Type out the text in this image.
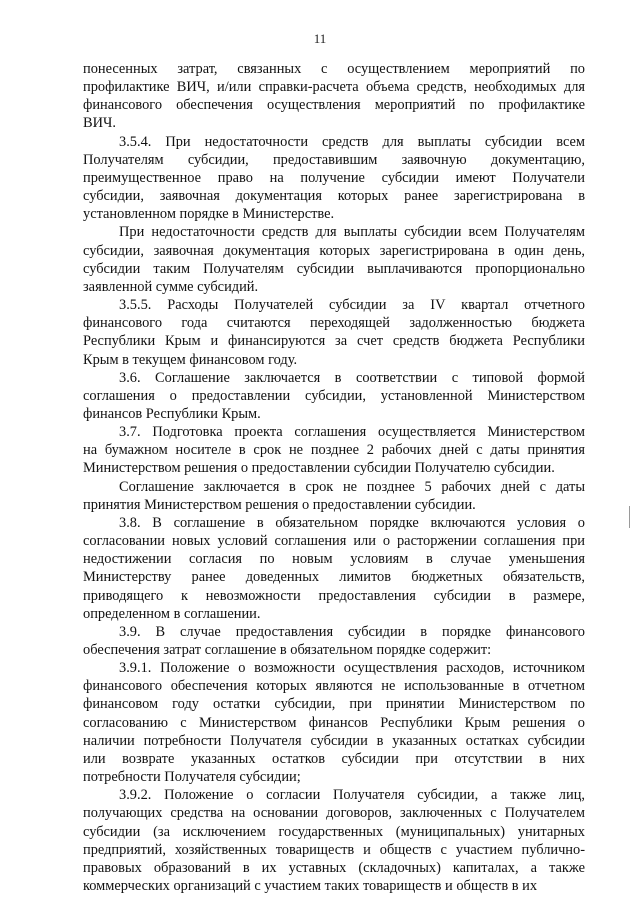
11
понесенных затрат, связанных с осуществлением мероприятий по
профилактике ВИЧ, и/или справки-расчета объема средств, необходимых для
финансового обеспечения осуществления мероприятий по профилактике
ВИЧ.
3.5.4. При недостаточности средств для выплаты субсидии всем
Получателям субсидии, предоставившим заявочную документацию,
преимущественное право на получение субсидии имеют Получатели
субсидии, заявочная документация которых ранее зарегистрирована в
установленном порядке в Министерстве.
При недостаточности средств для выплаты субсидии всем Получателям
субсидии, заявочная документация которых зарегистрирована в один день,
субсидии таким Получателям субсидии выплачиваются пропорционально
заявленной сумме субсидий.
3.5.5. Расходы Получателей субсидии за IV квартал отчетного
финансового года считаются переходящей задолженностью бюджета
Республики Крым и финансируются за счет средств бюджета Республики
Крым в текущем финансовом году.
3.6. Соглашение заключается в соответствии с типовой формой
соглашения о предоставлении субсидии, установленной Министерством
финансов Республики Крым.
3.7. Подготовка проекта соглашения осуществляется Министерством
на бумажном носителе в срок не позднее 2 рабочих дней с даты принятия
Министерством решения о предоставлении субсидии Получателю субсидии.
Соглашение заключается в срок не позднее 5 рабочих дней с даты
принятия Министерством решения о предоставлении субсидии.
3.8. В соглашение в обязательном порядке включаются условия о
согласовании новых условий соглашения или о расторжении соглашения при
недостижении согласия по новым условиям в случае уменьшения
Министерству ранее доведенных лимитов бюджетных обязательств,
приводящего к невозможности предоставления субсидии в размере,
определенном в соглашении.
3.9. В случае предоставления субсидии в порядке финансового
обеспечения затрат соглашение в обязательном порядке содержит:
3.9.1. Положение о возможности осуществления расходов, источником
финансового обеспечения которых являются не использованные в отчетном
финансовом году остатки субсидии, при принятии Министерством по
согласованию с Министерством финансов Республики Крым решения о
наличии потребности Получателя субсидии в указанных остатках субсидии
или возврате указанных остатков субсидии при отсутствии в них
потребности Получателя субсидии;
3.9.2. Положение о согласии Получателя субсидии, а также лиц,
получающих средства на основании договоров, заключенных с Получателем
субсидии (за исключением государственных (муниципальных) унитарных
предприятий, хозяйственных товариществ и обществ с участием публично-
правовых образований в их уставных (складочных) капиталах, а также
коммерческих организаций с участием таких товариществ и обществ в их
